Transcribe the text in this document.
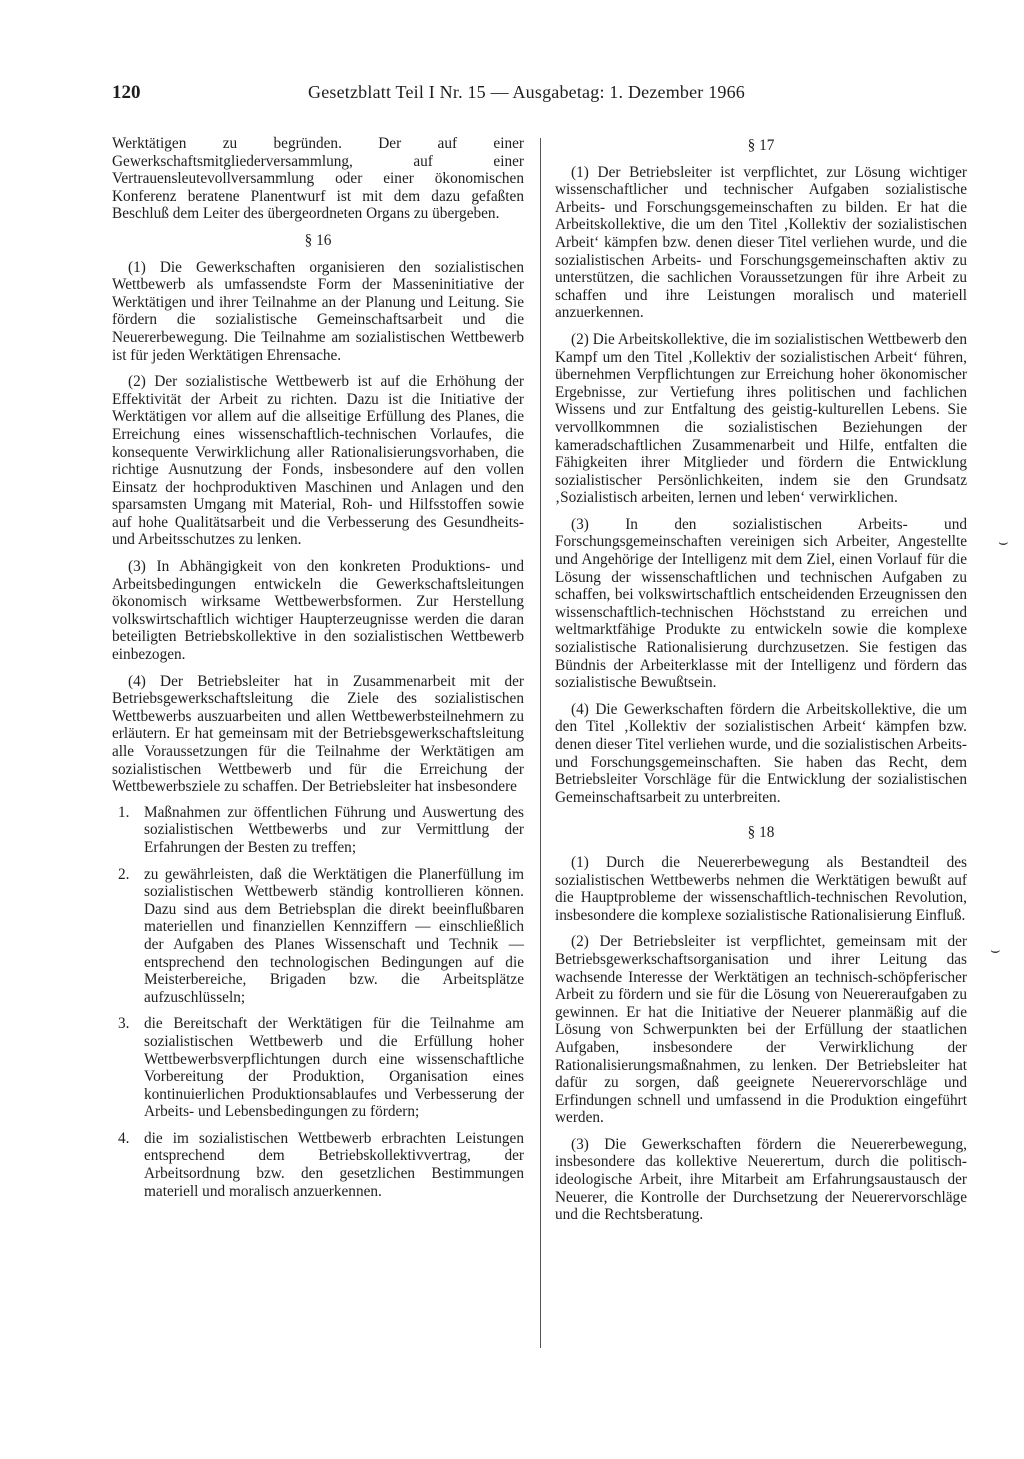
120	Gesetzblatt Teil I Nr. 15 — Ausgabetag: 1. Dezember 1966

Werktätigen zu begründen. Der auf einer Gewerkschaftsmitgliederversammlung, auf einer Vertrauensleutevollversammlung oder einer ökonomischen Konferenz beratene Planentwurf ist mit dem dazu gefaßten Beschluß dem Leiter des übergeordneten Organs zu übergeben.

§ 16

(1) Die Gewerkschaften organisieren den sozialistischen Wettbewerb als umfassendste Form der Masseninitiative der Werktätigen und ihrer Teilnahme an der Planung und Leitung. Sie fördern die sozialistische Gemeinschaftsarbeit und die Neuererbewegung. Die Teilnahme am sozialistischen Wettbewerb ist für jeden Werktätigen Ehrensache.

(2) Der sozialistische Wettbewerb ist auf die Erhöhung der Effektivität der Arbeit zu richten. Dazu ist die Initiative der Werktätigen vor allem auf die allseitige Erfüllung des Planes, die Erreichung eines wissenschaftlich-technischen Vorlaufes, die konsequente Verwirklichung aller Rationalisierungsvorhaben, die richtige Ausnutzung der Fonds, insbesondere auf den vollen Einsatz der hochproduktiven Maschinen und Anlagen und den sparsamsten Umgang mit Material, Roh- und Hilfsstoffen sowie auf hohe Qualitätsarbeit und die Verbesserung des Gesundheits- und Arbeitsschutzes zu lenken.

(3) In Abhängigkeit von den konkreten Produktions- und Arbeitsbedingungen entwickeln die Gewerkschaftsleitungen ökonomisch wirksame Wettbewerbsformen. Zur Herstellung volkswirtschaftlich wichtiger Haupterzeugnisse werden die daran beteiligten Betriebskollektive in den sozialistischen Wettbewerb einbezogen.

(4) Der Betriebsleiter hat in Zusammenarbeit mit der Betriebsgewerkschaftsleitung die Ziele des sozialistischen Wettbewerbs auszuarbeiten und allen Wettbewerbsteilnehmern zu erläutern. Er hat gemeinsam mit der Betriebsgewerkschaftsleitung alle Voraussetzungen für die Teilnahme der Werktätigen am sozialistischen Wettbewerb und für die Erreichung der Wettbewerbsziele zu schaffen. Der Betriebsleiter hat insbesondere

1. Maßnahmen zur öffentlichen Führung und Auswertung des sozialistischen Wettbewerbs und zur Vermittlung der Erfahrungen der Besten zu treffen;
2. zu gewährleisten, daß die Werktätigen die Planerfüllung im sozialistischen Wettbewerb ständig kontrollieren können. Dazu sind aus dem Betriebsplan die direkt beeinflußbaren materiellen und finanziellen Kennziffern — einschließlich der Aufgaben des Planes Wissenschaft und Technik — entsprechend den technologischen Bedingungen auf die Meisterbereiche, Brigaden bzw. die Arbeitsplätze aufzuschlüsseln;
3. die Bereitschaft der Werktätigen für die Teilnahme am sozialistischen Wettbewerb und die Erfüllung hoher Wettbewerbsverpflichtungen durch eine wissenschaftliche Vorbereitung der Produktion, Organisation eines kontinuierlichen Produktionsablaufes und Verbesserung der Arbeits- und Lebensbedingungen zu fördern;
4. die im sozialistischen Wettbewerb erbrachten Leistungen entsprechend dem Betriebskollektivvertrag, der Arbeitsordnung bzw. den gesetzlichen Bestimmungen materiell und moralisch anzuerkennen.
§ 17

(1) Der Betriebsleiter ist verpflichtet, zur Lösung wichtiger wissenschaftlicher und technischer Aufgaben sozialistische Arbeits- und Forschungsgemeinschaften zu bilden. Er hat die Arbeitskollektive, die um den Titel ‚Kollektiv der sozialistischen Arbeit‘ kämpfen bzw. denen dieser Titel verliehen wurde, und die sozialistischen Arbeits- und Forschungsgemeinschaften aktiv zu unterstützen, die sachlichen Voraussetzungen für ihre Arbeit zu schaffen und ihre Leistungen moralisch und materiell anzuerkennen.

(2) Die Arbeitskollektive, die im sozialistischen Wettbewerb den Kampf um den Titel ‚Kollektiv der sozialistischen Arbeit‘ führen, übernehmen Verpflichtungen zur Erreichung hoher ökonomischer Ergebnisse, zur Vertiefung ihres politischen und fachlichen Wissens und zur Entfaltung des geistig-kulturellen Lebens. Sie vervollkommnen die sozialistischen Beziehungen der kameradschaftlichen Zusammenarbeit und Hilfe, entfalten die Fähigkeiten ihrer Mitglieder und fördern die Entwicklung sozialistischer Persönlichkeiten, indem sie den Grundsatz ‚Sozialistisch arbeiten, lernen und leben‘ verwirklichen.

(3) In den sozialistischen Arbeits- und Forschungsgemeinschaften vereinigen sich Arbeiter, Angestellte und Angehörige der Intelligenz mit dem Ziel, einen Vorlauf für die Lösung der wissenschaftlichen und technischen Aufgaben zu schaffen, bei volkswirtschaftlich entscheidenden Erzeugnissen den wissenschaftlich-technischen Höchststand zu erreichen und weltmarktfähige Produkte zu entwickeln sowie die komplexe sozialistische Rationalisierung durchzusetzen. Sie festigen das Bündnis der Arbeiterklasse mit der Intelligenz und fördern das sozialistische Bewußtsein.

(4) Die Gewerkschaften fördern die Arbeitskollektive, die um den Titel ‚Kollektiv der sozialistischen Arbeit‘ kämpfen bzw. denen dieser Titel verliehen wurde, und die sozialistischen Arbeits- und Forschungsgemeinschaften. Sie haben das Recht, dem Betriebsleiter Vorschläge für die Entwicklung der sozialistischen Gemeinschaftsarbeit zu unterbreiten.

§ 18

(1) Durch die Neuererbewegung als Bestandteil des sozialistischen Wettbewerbs nehmen die Werktätigen bewußt auf die Hauptprobleme der wissenschaftlich-technischen Revolution, insbesondere die komplexe sozialistische Rationalisierung Einfluß.

(2) Der Betriebsleiter ist verpflichtet, gemeinsam mit der Betriebsgewerkschaftsorganisation und ihrer Leitung das wachsende Interesse der Werktätigen an technisch-schöpferischer Arbeit zu fördern und sie für die Lösung von Neuereraufgaben zu gewinnen. Er hat die Initiative der Neuerer planmäßig auf die Lösung von Schwerpunkten bei der Erfüllung der staatlichen Aufgaben, insbesondere der Verwirklichung der Rationalisierungsmaßnahmen, zu lenken. Der Betriebsleiter hat dafür zu sorgen, daß geeignete Neuerervorschläge und Erfindungen schnell und umfassend in die Produktion eingeführt werden.

(3) Die Gewerkschaften fördern die Neuererbewegung, insbesondere das kollektive Neuerertum, durch die politisch-ideologische Arbeit, ihre Mitarbeit am Erfahrungsaustausch der Neuerer, die Kontrolle der Durchsetzung der Neuerervorschläge und die Rechtsberatung.

⌣
⌣
